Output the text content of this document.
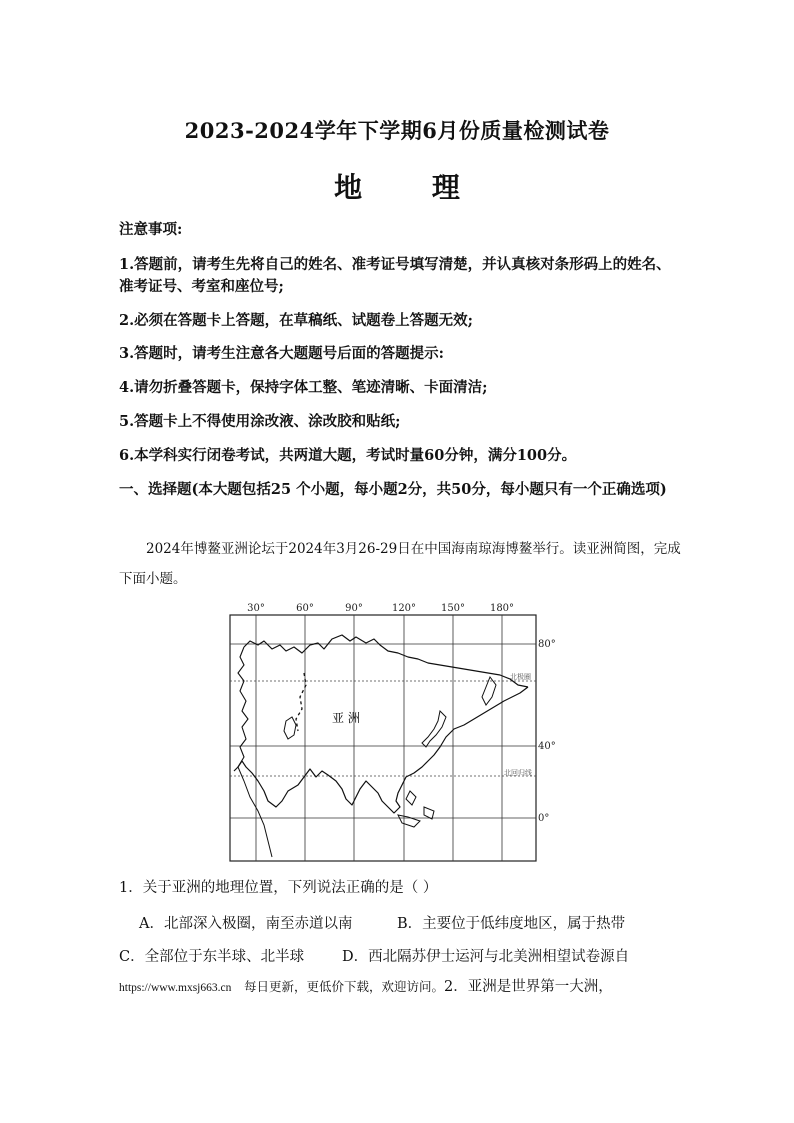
2023-2024学年下学期6月份质量检测试卷
地 理
注意事项:
1.答题前，请考生先将自己的姓名、准考证号填写清楚，并认真核对条形码上的姓名、准考证号、考室和座位号;
2.必须在答题卡上答题，在草稿纸、试题卷上答题无效;
3.答题时，请考生注意各大题题号后面的答题提示:
4.请勿折叠答题卡，保持字体工整、笔迹清晰、卡面清洁;
5.答题卡上不得使用涂改液、涂改胶和贴纸;
6.本学科实行闭卷考试，共两道大题，考试时量60分钟，满分100分。
一、选择题(本大题包括25 个小题，每小题2分，共50分，每小题只有一个正确选项)
2024年博鳌亚洲论坛于2024年3月26-29日在中国海南琼海博鳌举行。读亚洲简图，完成下面小题。
30°	60°	90°	120° 150° 180°
80°
40°
0°
亚 洲
北极圈
北回归线
1．关于亚洲的地理位置，下列说法正确的是（ ）
A．北部深入极圈，南至赤道以南	B．主要位于低纬度地区，属于热带
C．全部位于东半球、北半球	D．西北隔苏伊士运河与北美洲相望试卷源自
https://www.mxsj663.cn 每日更新，更低价下载，欢迎访问。2．亚洲是世界第一大洲，
